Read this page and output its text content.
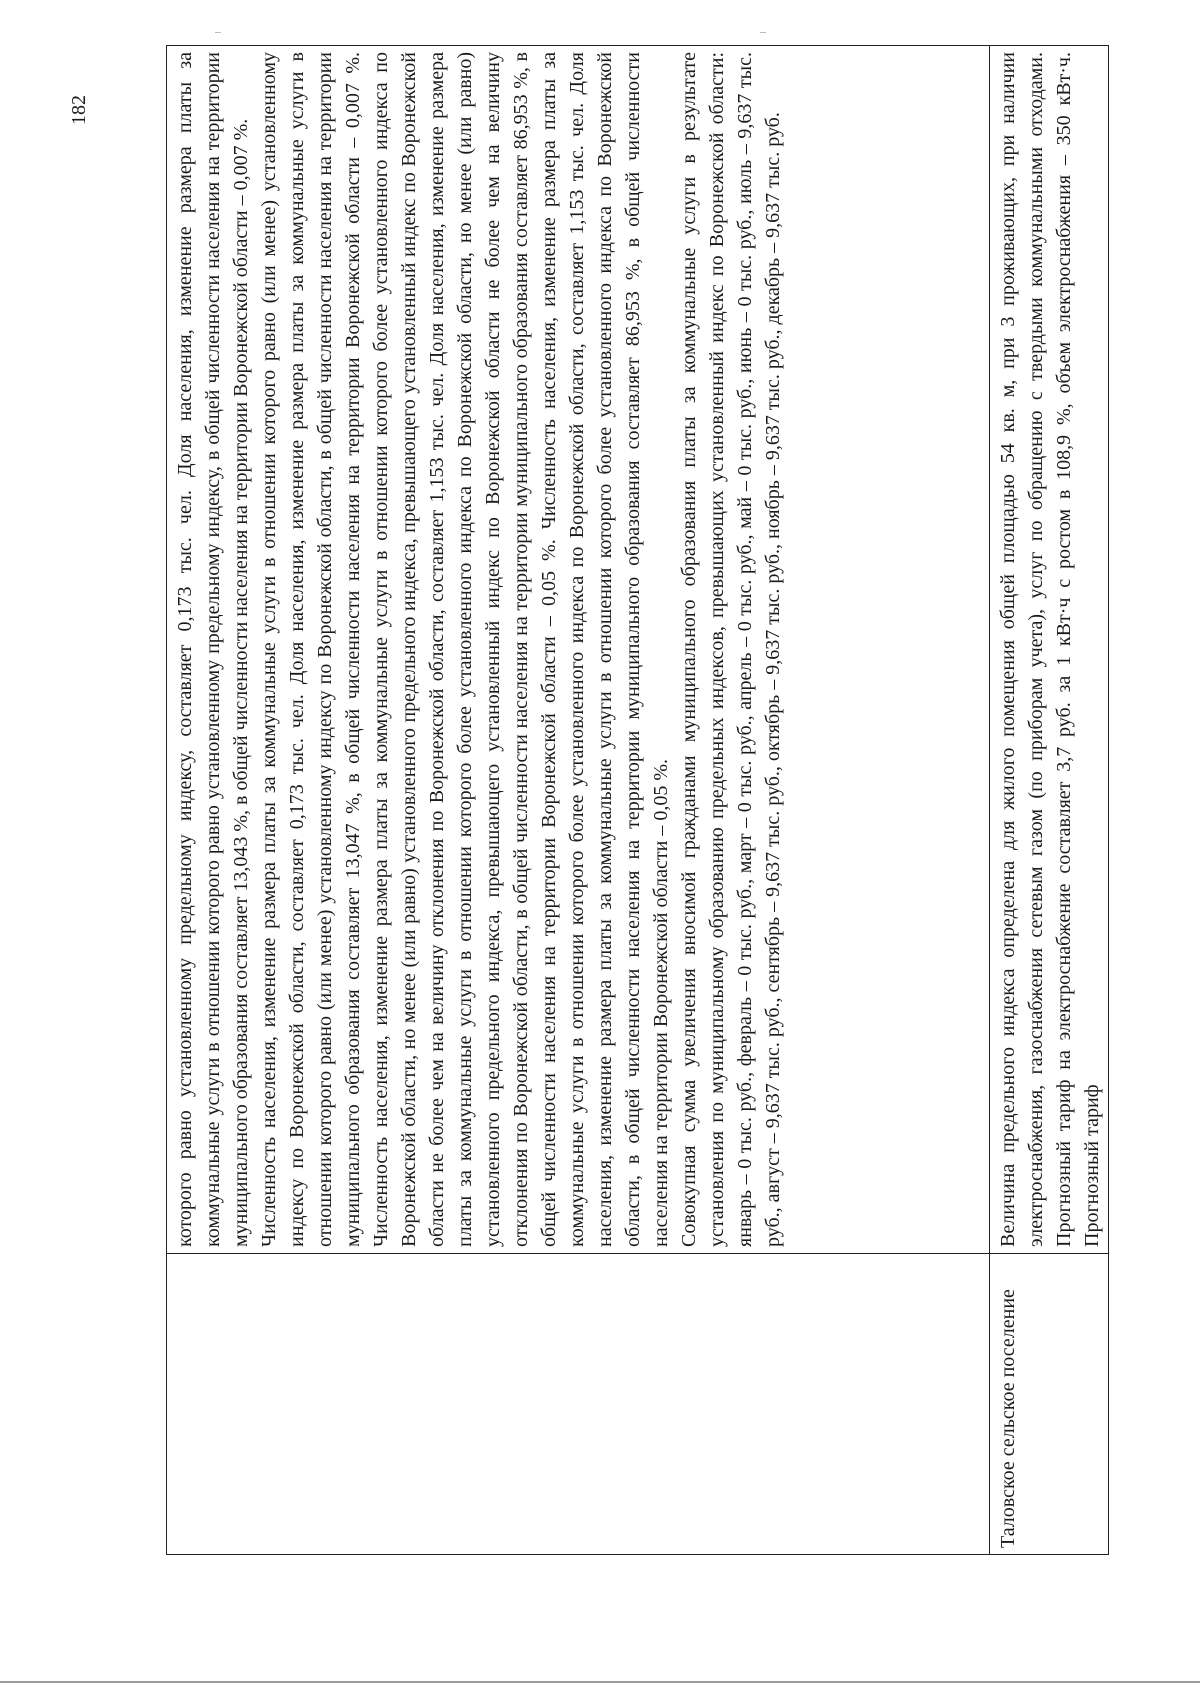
182

	которого равно установленному предельному индексу, составляет 0,173 тыс. чел. Доля населения, изменение размера платы за коммунальные услуги в отношении которого равно установленному предельному индексу, в общей численности населения на территории муниципального образования составляет 13,043 %, в общей численности населения на территории Воронежской области – 0,007 %. Численность населения, изменение размера платы за коммунальные услуги в отношении которого равно (или менее) установленному индексу по Воронежской области, составляет 0,173 тыс. чел. Доля населения, изменение размера платы за коммунальные услуги в отношении которого равно (или менее) установленному индексу по Воронежской области, в общей численности населения на территории муниципального образования составляет 13,047 %, в общей численности населения на территории Воронежской области – 0,007 %. Численность населения, изменение размера платы за коммунальные услуги в отношении которого более установленного индекса по Воронежской области, но менее (или равно) установленного предельного индекса, превышающего установленный индекс по Воронежской области не более чем на величину отклонения по Воронежской области, составляет 1,153 тыс. чел. Доля населения, изменение размера платы за коммунальные услуги в отношении которого более установленного индекса по Воронежской области, но менее (или равно) установленного предельного индекса, превышающего установленный индекс по Воронежской области не более чем на величину отклонения по Воронежской области, в общей численности населения на территории муниципального образования составляет 86,953 %, в общей численности населения на территории Воронежской области – 0,05 %. Численность населения, изменение размера платы за коммунальные услуги в отношении которого более установленного индекса по Воронежской области, составляет 1,153 тыс. чел. Доля населения, изменение размера платы за коммунальные услуги в отношении которого более установленного индекса по Воронежской области, в общей численности населения на территории муниципального образования составляет 86,953 %, в общей численности населения на территории Воронежской области – 0,05 %. Совокупная сумма увеличения вносимой гражданами муниципального образования платы за коммунальные услуги в результате установления по муниципальному образованию предельных индексов, превышающих установленный индекс по Воронежской области: январь – 0 тыс. руб., февраль – 0 тыс. руб., март – 0 тыс. руб., апрель – 0 тыс. руб., май – 0 тыс. руб., июнь – 0 тыс. руб., июль – 9,637 тыс. руб., август – 9,637 тыс. руб., сентябрь – 9,637 тыс. руб., октябрь – 9,637 тыс. руб., ноябрь – 9,637 тыс. руб., декабрь – 9,637 тыс. руб.

Таловское сельское поселение	Величина предельного индекса определена для жилого помещения общей площадью 54 кв. м, при 3 проживающих, при наличии электроснабжения, газоснабжения сетевым газом (по приборам учета), услуг по обращению с твердыми коммунальными отходами. Прогнозный тариф на электроснабжение составляет 3,7 руб. за 1 кВт·ч с ростом в 108,9 %, объем электроснабжения – 350 кВт·ч. Прогнозный тариф
